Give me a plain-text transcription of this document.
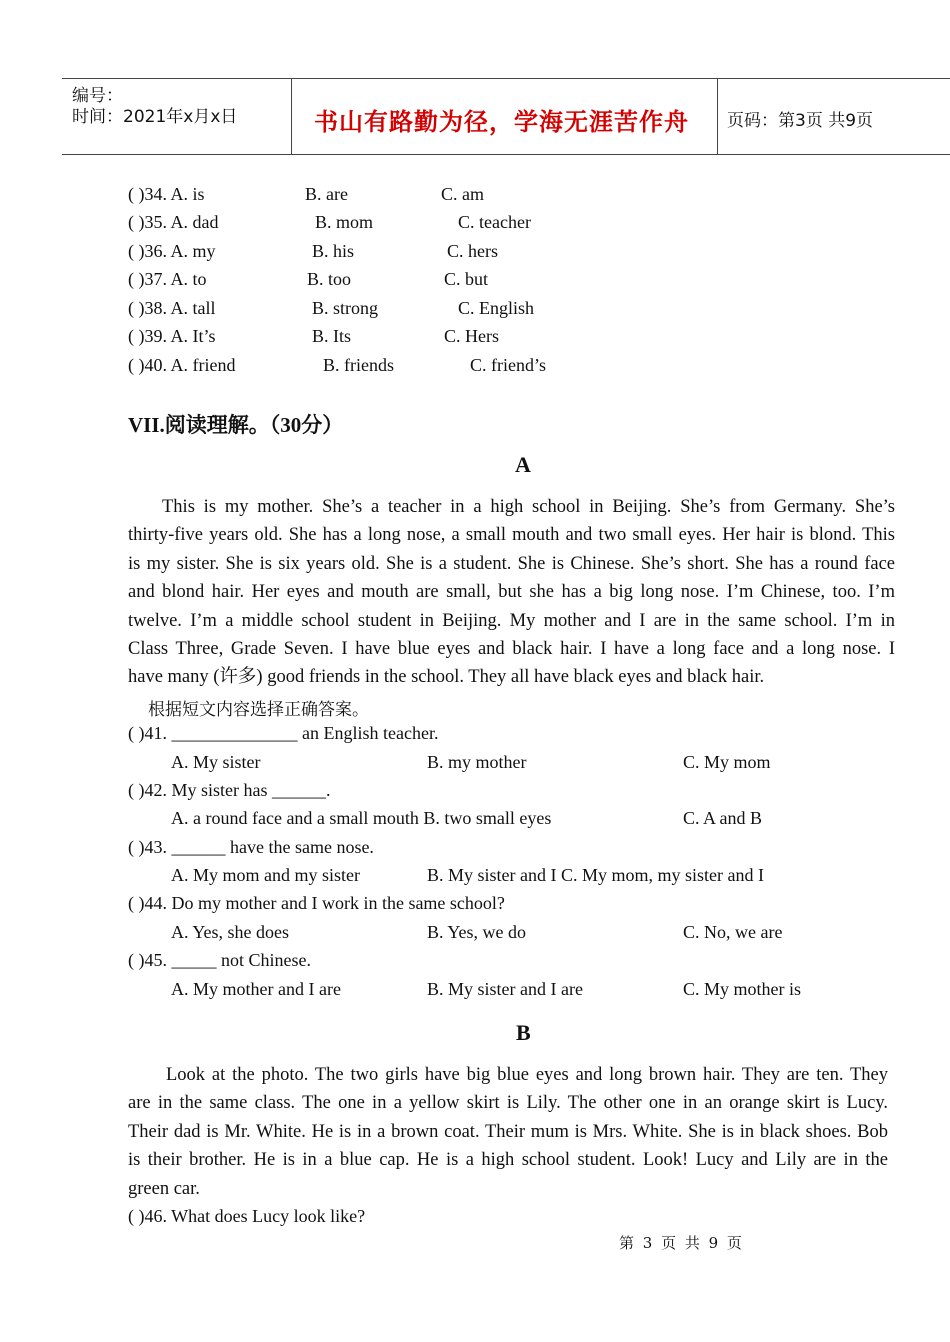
编号：
时间：2021年x月x日	书山有路勤为径，学海无涯苦作舟 页码：第3页 共9页
( )34. A. is	B. are	C. am
( )35. A. dad	B. mom	C. teacher
( )36. A. my	B. his	C. hers
( )37. A. to	B. too	C. but
( )38. A. tall	B. strong	C. English
( )39. A. It’s	B. Its	C. Hers
( )40. A. friend	B. friends	C. friend’s
VII.阅读理解。（30分）
A
This is my mother. She’s a teacher in a high school in Beijing. She’s from Germany. She’s
thirty-five years old. She has a long nose, a small mouth and two small eyes. Her hair is blond. This
is my sister. She is six years old. She is a student. She is Chinese. She’s short. She has a round face
and blond hair. Her eyes and mouth are small, but she has a big long nose. I’m Chinese, too. I’m
twelve. I’m a middle school student in Beijing. My mother and I are in the same school. I’m in
Class Three, Grade Seven. I have blue eyes and black hair. I have a long face and a long nose. I
have many (许多) good friends in the school. They all have black eyes and black hair.
根据短文内容选择正确答案。
( )41. ______________ an English teacher.
A. My sister	B. my mother	C. My mom
( )42. My sister has ______.
A. a round face and a small mouth B. two small eyes	C. A and B
( )43. ______ have the same nose.
A. My mom and my sister	B. My sister and I C. My mom, my sister and I
( )44. Do my mother and I work in the same school?
A. Yes, she does	B. Yes, we do	C. No, we are
( )45. _____ not Chinese.
A. My mother and I are	B. My sister and I are	C. My mother is
B
Look at the photo. The two girls have big blue eyes and long brown hair. They are ten. They
are in the same class. The one in a yellow skirt is Lily. The other one in an orange skirt is Lucy.
Their dad is Mr. White. He is in a brown coat. Their mum is Mrs. White. She is in black shoes. Bob
is their brother. He is in a blue cap. He is a high school student. Look! Lucy and Lily are in the
green car.
( )46. What does Lucy look like?
第 3 页 共 9 页
